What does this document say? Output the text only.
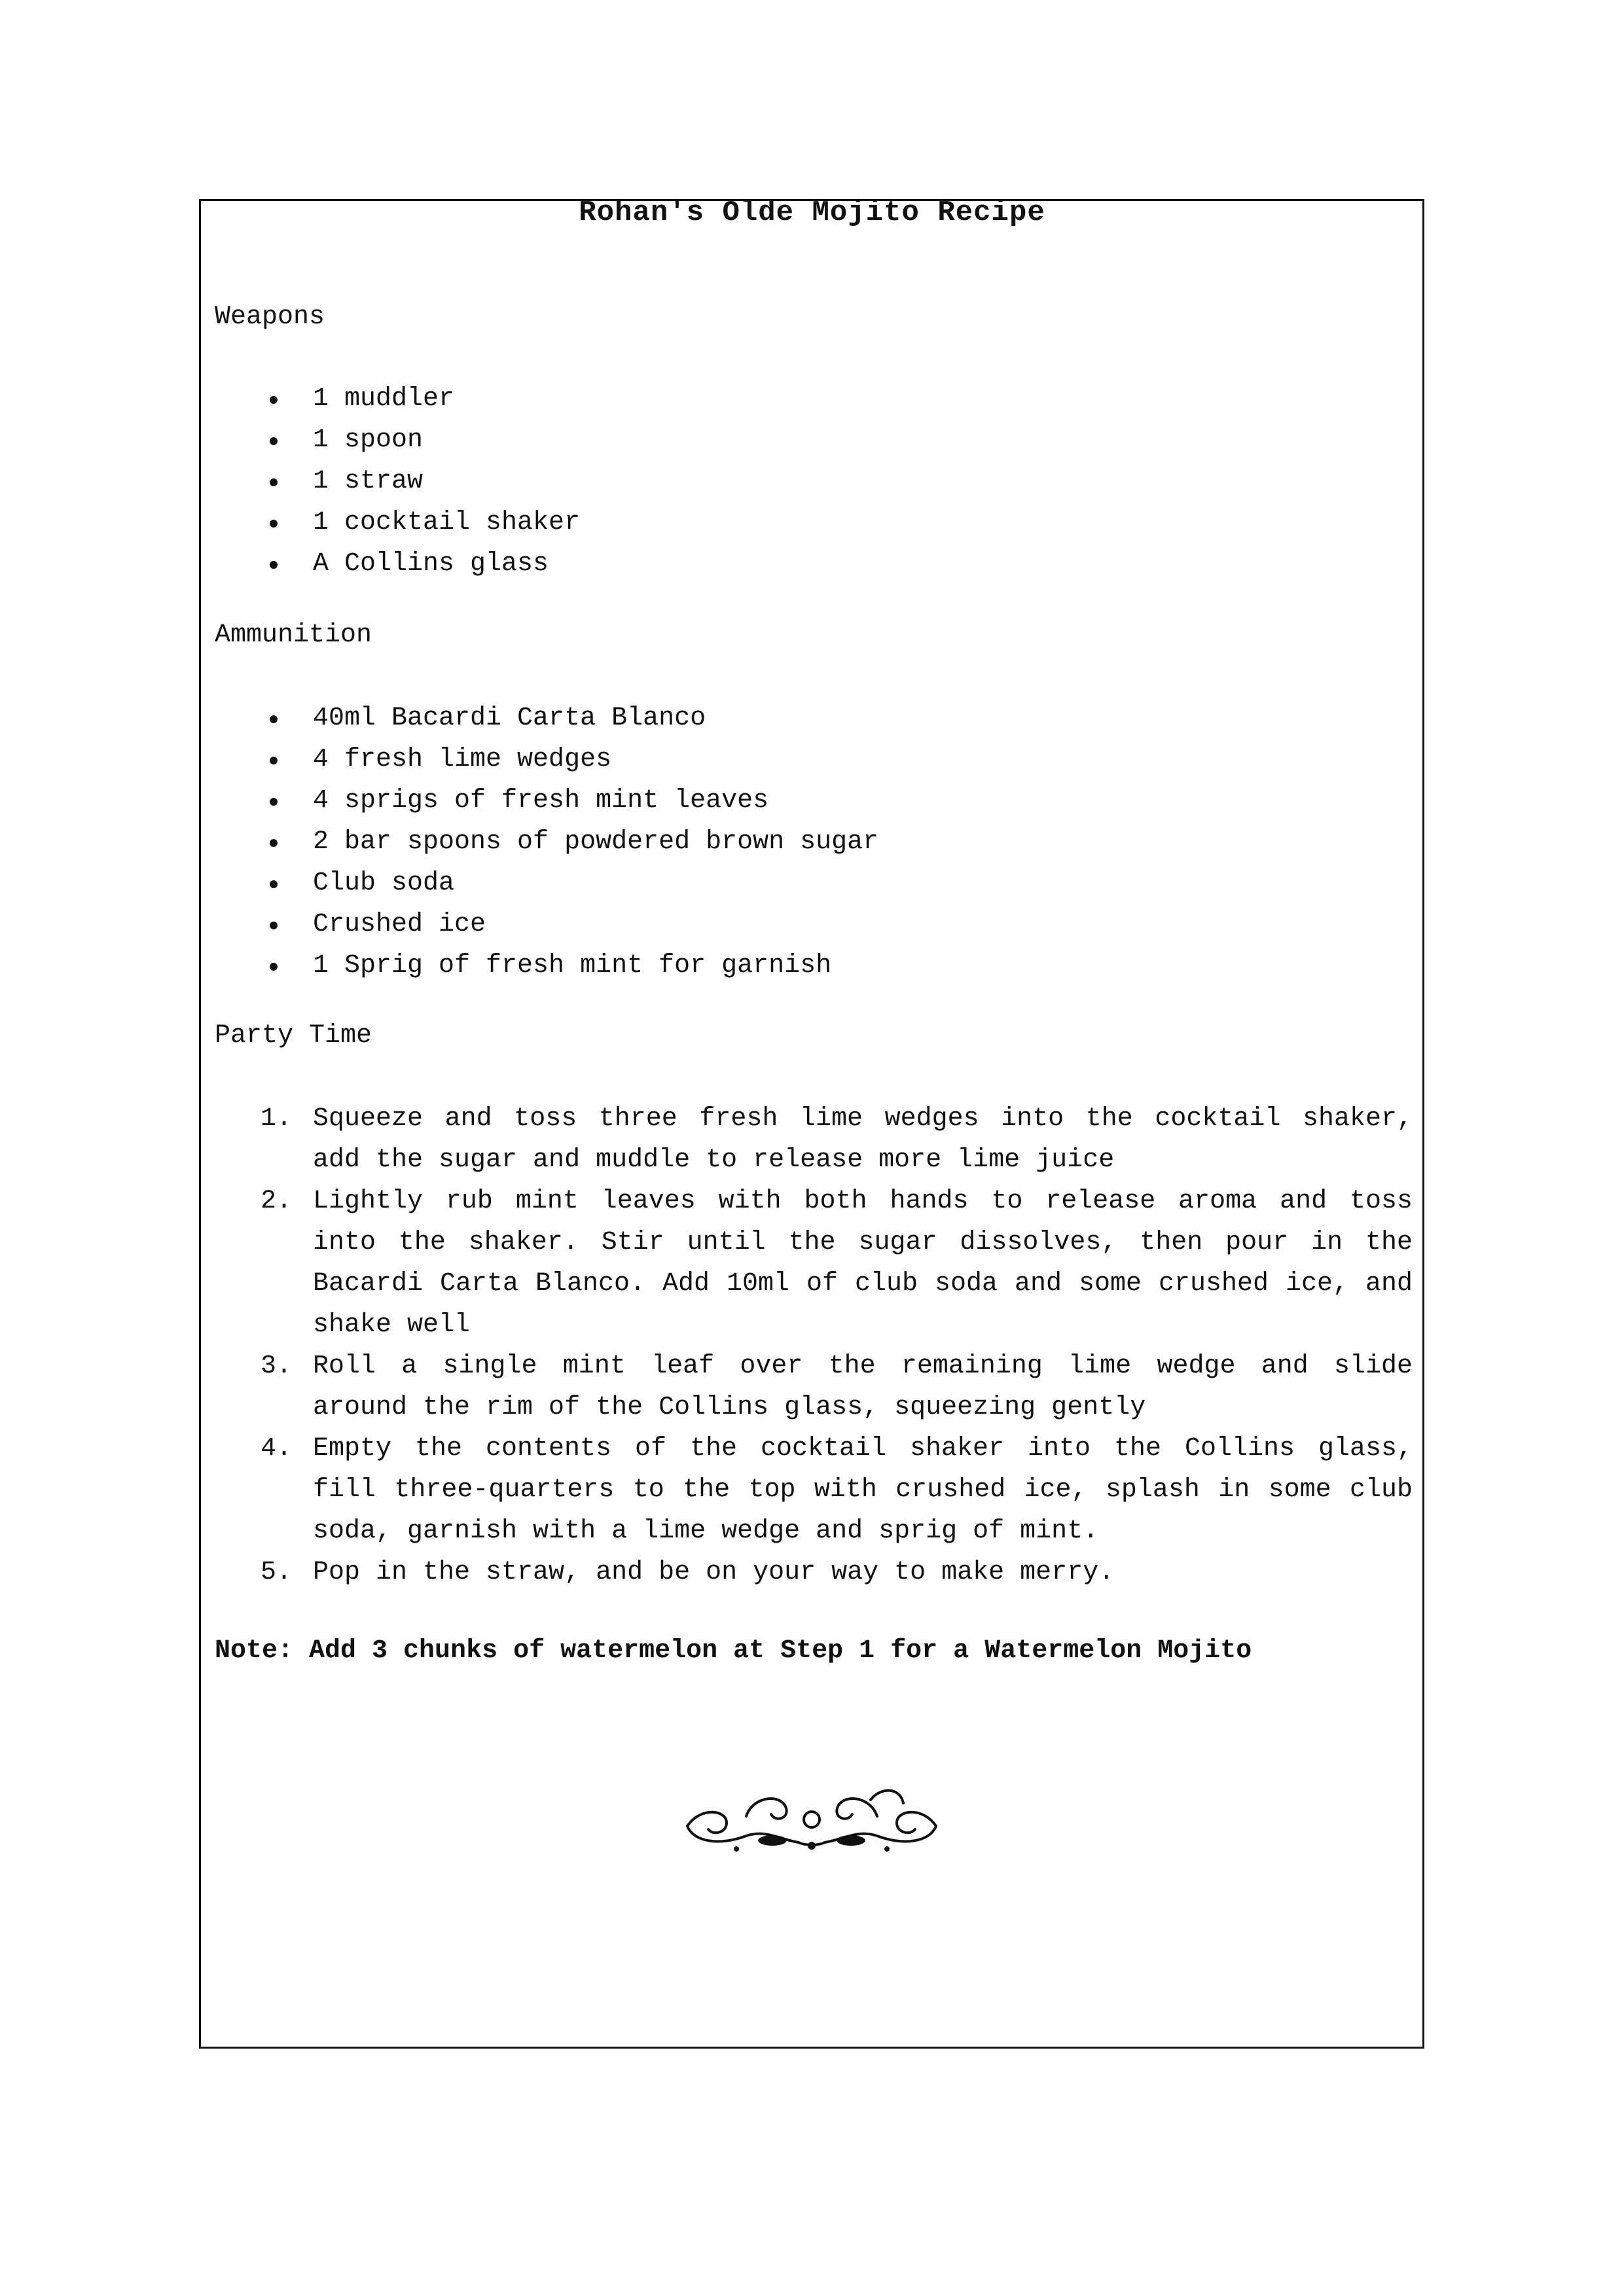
Rohan's Olde Mojito Recipe

Weapons

1 muddler
1 spoon
1 straw
1 cocktail shaker
A Collins glass

Ammunition

40ml Bacardi Carta Blanco
4 fresh lime wedges
4 sprigs of fresh mint leaves
2 bar spoons of powdered brown sugar
Club soda
Crushed ice
1 Sprig of fresh mint for garnish

Party Time

1. Squeeze and toss three fresh lime wedges into the cocktail shaker, add the sugar and muddle to release more lime juice
2. Lightly rub mint leaves with both hands to release aroma and toss into the shaker. Stir until the sugar dissolves, then pour in the Bacardi Carta Blanco. Add 10ml of club soda and some crushed ice, and shake well
3. Roll a single mint leaf over the remaining lime wedge and slide around the rim of the Collins glass, squeezing gently
4. Empty the contents of the cocktail shaker into the Collins glass, fill three-quarters to the top with crushed ice, splash in some club soda, garnish with a lime wedge and sprig of mint.
5. Pop in the straw, and be on your way to make merry.

Note: Add 3 chunks of watermelon at Step 1 for a Watermelon Mojito
